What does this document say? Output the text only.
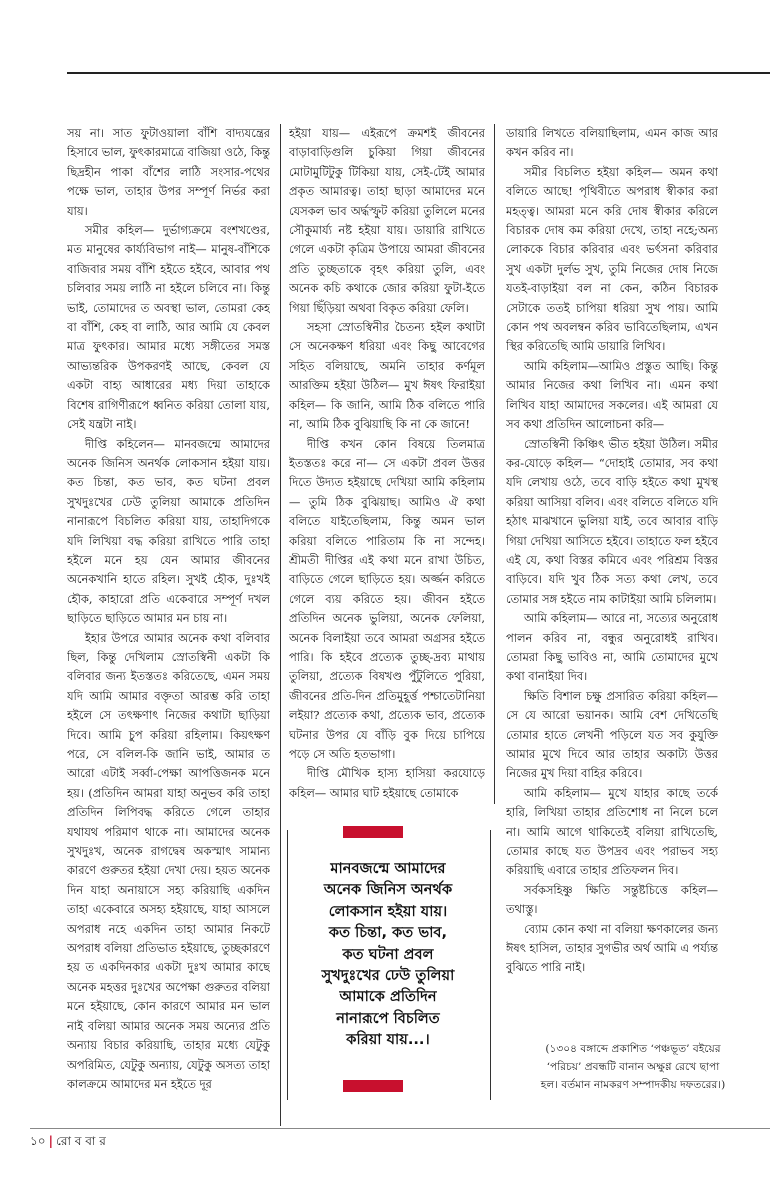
সয় না। সাত ফুটাওয়ালা বাঁশি বাদ্যযন্ত্রের হিসাবে ভাল, ফুৎকারমাত্রে বাজিয়া ওঠে, কিন্তু ছিদ্রহীন পাকা বাঁশের লাঠি সংসার-পথের পক্ষে ভাল, তাহার উপর সম্পূর্ণ নির্ভর করা যায়।

সমীর কহিল— দুর্ভাগ্যক্রমে বংশখণ্ডের, মত মানুষের কার্য্যবিভাগ নাই— মানুষ-বাঁশিকে বাজিবার সময় বাঁশি হইতে হইবে, আবার পথ চলিবার সময় লাঠি না হইলে চলিবে না। কিন্তু ভাই, তোমাদের ত অবস্থা ভাল, তোমরা কেহ বা বাঁশি, কেহ বা লাঠি, আর আমি যে কেবল মাত্র ফুৎকার। আমার মধ্যে সঙ্গীতের সমস্ত আভ্যন্তরিক উপকরণই আছে, কেবল যে একটা বাহ্য আধারের মধ্য দিয়া তাহাকে বিশেষ রাগিণীরূপে ধ্বনিত করিয়া তোলা যায়, সেই যন্ত্রটা নাই।

দীপ্তি কহিলেন— মানবজন্মে আমাদের অনেক জিনিস অনর্থক লোকসান হইয়া যায়। কত চিন্তা, কত ভাব, কত ঘটনা প্রবল সুখদুঃখের ঢেউ তুলিয়া আমাকে প্রতিদিন নানারূপে বিচলিত করিয়া যায়, তাহাদিগকে যদি লিখিয়া বদ্ধ করিয়া রাখিতে পারি তাহা হইলে মনে হয় যেন আমার জীবনের অনেকখানি হাতে রহিল। সুখই হৌক, দুঃখই হৌক, কাহারো প্রতি একেবারে সম্পূর্ণ দখল ছাড়িতে ছাড়িতে আমার মন চায় না।

ইহার উপরে আমার অনেক কথা বলিবার ছিল, কিন্তু দেখিলাম স্রোতস্বিনী একটা কি বলিবার জন্য ইতস্ততঃ করিতেছে, এমন সময় যদি আমি আমার বক্তৃতা আরম্ভ করি তাহা হইলে সে তৎক্ষণাৎ নিজের কথাটা ছাড়িয়া দিবে। আমি চুপ করিয়া রহিলাম। কিয়ৎক্ষণ পরে, সে বলিল-কি জানি ভাই, আমার ত আরো এটাই সর্ব্বা-পেক্ষা আপত্তিজনক মনে হয়। (প্রতিদিন আমরা যাহা অনুভব করি তাহা প্রতিদিন লিপিবদ্ধ করিতে গেলে তাহার যথাযথ পরিমাণ থাকে না। আমাদের অনেক সুখদুঃখ, অনেক রাগদ্বেষ অকস্মাৎ সামান্য কারণে গুরুতর হইয়া দেখা দেয়। হয়ত অনেক দিন যাহা অনায়াসে সহ্য করিয়াছি একদিন তাহা একেবারে অসহ্য হইয়াছে, যাহা আসলে অপরাধ নহে একদিন তাহা আমার নিকটে অপরাধ বলিয়া প্রতিভাত হইয়াছে, তুচ্ছকারণে হয় ত একদিনকার একটা দুঃখ আমার কাছে অনেক মহত্তর দুঃখের অপেক্ষা গুরুতর বলিয়া মনে হইয়াছে, কোন কারণে আমার মন ভাল নাই বলিয়া আমার অনেক সময় অন্যের প্রতি অন্যায় বিচার করিয়াছি, তাহার মধ্যে যেটুকু অপরিমিত, যেটুকু অন্যায়, যেটুকু অসত্য তাহা কালক্রমে আমাদের মন হইতে দূর

হইয়া যায়— এইরূপে ক্রমশই জীবনের বাড়াবাড়িগুলি চুকিয়া গিয়া জীবনের মোটামুটিটুকু টিকিয়া যায়, সেই-টেই আমার প্রকৃত আমারত্ব। তাহা ছাড়া আমাদের মনে যেসকল ভাব অর্দ্ধস্ফুট করিয়া তুলিলে মনের সৌকুমার্য্য নষ্ট হইয়া যায়। ডায়ারি রাখিতে গেলে একটা কৃত্রিম উপায়ে আমরা জীবনের প্রতি তুচ্ছতাকে বৃহৎ করিয়া তুলি, এবং অনেক কচি কথাকে জোর করিয়া ফুটা-ইতে গিয়া ছিঁড়িয়া অথবা বিকৃত করিয়া ফেলি।

সহসা স্রোতস্বিনীর চৈতন্য হইল কথাটা সে অনেকক্ষণ ধরিয়া এবং কিছু আবেগের সহিত বলিয়াছে, অমনি তাহার কর্ণমূল আরক্তিম হইয়া উঠিল— মুখ ঈষৎ ফিরাইয়া কহিল— কি জানি, আমি ঠিক বলিতে পারি না, আমি ঠিক বুঝিয়াছি কি না কে জানে!

দীপ্তি কখন কোন বিষয়ে তিলমাত্র ইতস্ততঃ করে না— সে একটা প্রবল উত্তর দিতে উদ্যত হইয়াছে দেখিয়া আমি কহিলাম— তুমি ঠিক বুঝিয়াছ। আমিও ঐ কথা বলিতে যাইতেছিলাম, কিন্তু অমন ভাল করিয়া বলিতে পারিতাম কি না সন্দেহ। শ্রীমতী দীপ্তির এই কথা মনে রাখা উচিত, বাড়িতে গেলে ছাড়িতে হয়। অর্জ্জন করিতে গেলে ব্যয় করিতে হয়। জীবন হইতে প্রতিদিন অনেক ভুলিয়া, অনেক ফেলিয়া, অনেক বিলাইয়া তবে আমরা অগ্রসর হইতে পারি। কি হইবে প্রত্যেক তুচ্ছ-দ্রব্য মাথায় তুলিয়া, প্রত্যেক বিষখণ্ড পুঁটুলিতে পুরিয়া, জীবনের প্রতি-দিন প্রতিমুহূর্ত্ত পশ্চাতেটানিয়া লইয়া? প্রত্যেক কথা, প্রত্যেক ভাব, প্রত্যেক ঘটনার উপর যে বাঁড়ি বুক দিয়ে চাপিয়ে পড়ে সে অতি হতভাগা।

দীপ্তি মৌখিক হাস্য হাসিয়া করযোড়ে কহিল— আমার ঘাট হইয়াছে তোমাকে

মানবজন্মে আমাদের
অনেক জিনিস অনর্থক
লোকসান হইয়া যায়।
কত চিন্তা, কত ভাব,
কত ঘটনা প্রবল
সুখদুঃখের ঢেউ তুলিয়া
আমাকে প্রতিদিন
নানারূপে বিচলিত
করিয়া যায়...।

ডায়ারি লিখতে বলিয়াছিলাম, এমন কাজ আর কখন করিব না।

সমীর বিচলিত হইয়া কহিল— অমন কথা বলিতে আছে! পৃথিবীতে অপরাধ স্বীকার করা মহত্ত্ব। আমরা মনে করি দোষ স্বীকার করিলে বিচারক দোষ কম করিয়া দেখে, তাহা নহে;অন্য লোককে বিচার করিবার এবং ভর্ৎসনা করিবার সুখ একটা দুর্লভ সুখ, তুমি নিজের দোষ নিজে যতই-বাড়াইয়া বল না কেন, কঠিন বিচারক সেটাকে ততই চাপিয়া ধরিয়া সুখ পায়। আমি কোন পথ অবলম্বন করিব ভাবিতেছিলাম, এখন স্থির করিতেছি আমি ডায়ারি লিখিব।

আমি কহিলাম—আমিও প্রস্তুত আছি। কিন্তু আমার নিজের কথা লিখিব না। এমন কথা লিখিব যাহা আমাদের সকলের। এই আমরা যে সব কথা প্রতিদিন আলোচনা করি—

স্রোতস্বিনী কিঞ্চিৎ ভীত হইয়া উঠিল। সমীর কর-যোড়ে কহিল— “দোহাই তোমার, সব কথা যদি লেখায় ওঠে, তবে বাড়ি হইতে কথা মুখস্থ করিয়া আসিয়া বলিব। এবং বলিতে বলিতে যদি হঠাৎ মাঝখানে ভুলিয়া যাই, তবে আবার বাড়ি গিয়া দেখিয়া আসিতে হইবে। তাহাতে ফল হইবে এই যে, কথা বিস্তর কমিবে এবং পরিশ্রম বিস্তর বাড়িবে। যদি খুব ঠিক সত্য কথা লেখ, তবে তোমার সঙ্গ হইতে নাম কাটাইয়া আমি চলিলাম।

আমি কহিলাম— আরে না, সত্যের অনুরোধ পালন করিব না, বন্ধুর অনুরোধই রাখিব। তোমরা কিছু ভাবিও না, আমি তোমাদের মুখে কথা বানাইয়া দিব।

ক্ষিতি বিশাল চক্ষু প্রসারিত করিয়া কহিল— সে যে আরো ভয়ানক। আমি বেশ দেখিতেছি তোমার হাতে লেখনী পড়িলে যত সব কুযুক্তি আমার মুখে দিবে আর তাহার অকাট্য উত্তর নিজের মুখ দিয়া বাহির করিবে।

আমি কহিলাম— মুখে যাহার কাছে তর্কে হারি, লিখিয়া তাহার প্রতিশোধ না নিলে চলে না। আমি আগে থাকিতেই বলিয়া রাখিতেছি, তোমার কাছে যত উপদ্রব এবং পরাভব সহ্য করিয়াছি এবারে তাহার প্রতিফলন দিব।

সর্বকসহিষ্ণু ক্ষিতি সন্তুষ্টচিত্তে কহিল—তথাস্তু।

ব্যোম কোন কথা না বলিয়া ক্ষণকালের জন্য ঈষৎ হাসিল, তাহার সুগভীর অর্থ আমি এ পর্য্যন্ত বুঝিতে পারি নাই।

(১৩০৪ বঙ্গাব্দে প্রকাশিত ‘পঞ্চভূত’ বইয়ের
‘পরিচয়’ প্রবন্ধটি বানান অক্ষুণ্ণ রেখে ছাপা
হল। বর্তমান নামকরণ সম্পাদকীয় দফতরের।)
১০ | রো ব বা র
